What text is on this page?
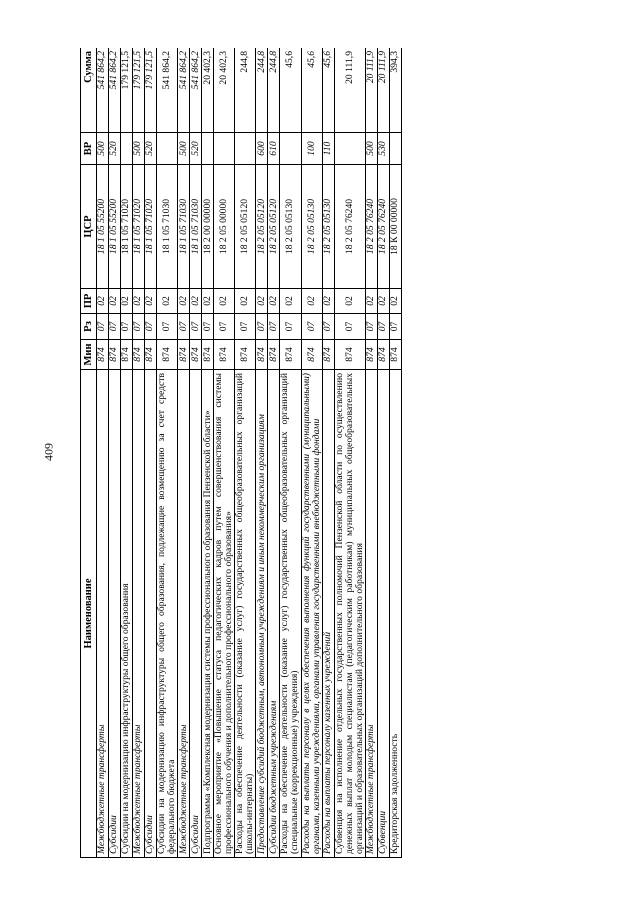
409
Наименование	Мин	Рз	ПР	ЦСР	ВР	Сумма
Межбюджетные трансферты	874	07	02	18 1 05 55200	500	541 864,2
Субсидии	874	07	02	18 1 05 55200	520	541 864,2
Субсидии на модернизацию инфраструктуры общего образования	874	07	02	18 1 05 71020		179 121,5
Межбюджетные трансферты	874	07	02	18 1 05 71020	500	179 121,5
Субсидии	874	07	02	18 1 05 71020	520	179 121,5
Субсидии на модернизацию инфраструктуры общего образования, подлежащие возмещению за счет средств федерального бюджета	874	07	02	18 1 05 71030		541 864,2
Межбюджетные трансферты	874	07	02	18 1 05 71030	500	541 864,2
Субсидии	874	07	02	18 1 05 71030	520	541 864,2
Подпрограмма «Комплексная модернизация системы профессионального образования Пензенской области»	874	07	02	18 2 00 00000		20 402,3
Основное мероприятие «Повышение статуса педагогических кадров путем совершенствования системы профессионального обучения и дополнительного профессионального образования»	874	07	02	18 2 05 00000		20 402,3
Расходы на обеспечение деятельности (оказание услуг) государственных общеобразовательных организаций (школы-интернаты)	874	07	02	18 2 05 05120		244,8
Предоставление субсидий бюджетным, автономным учреждениям и иным некоммерческим организациям	874	07	02	18 2 05 05120	600	244,8
Субсидии бюджетным учреждениям	874	07	02	18 2 05 05120	610	244,8
Расходы на обеспечение деятельности (оказание услуг) государственных общеобразовательных организаций (специальные (коррекционные) учреждения)	874	07	02	18 2 05 05130		45,6
Расходы на выплаты персоналу в целях обеспечения выполнения функций государственными (муниципальными) органами, казенными учреждениями, органами управления государственными внебюджетными фондами	874	07	02	18 2 05 05130	100	45,6
Расходы на выплаты персоналу казенных учреждений	874	07	02	18 2 05 05130	110	45,6
Субвенция на исполнение отдельных государственных полномочий Пензенской области по осуществлению денежных выплат молодым специалистам (педагогическим работникам) муниципальных общеобразовательных организаций и образовательных организаций дополнительного образования	874	07	02	18 2 05 76240		20 111,9
Межбюджетные трансферты	874	07	02	18 2 05 76240	500	20 111,9
Субвенции	874	07	02	18 2 05 76240	530	20 111,9
Кредиторская задолженность	874	07	02	18 К 00 00000		394,3
